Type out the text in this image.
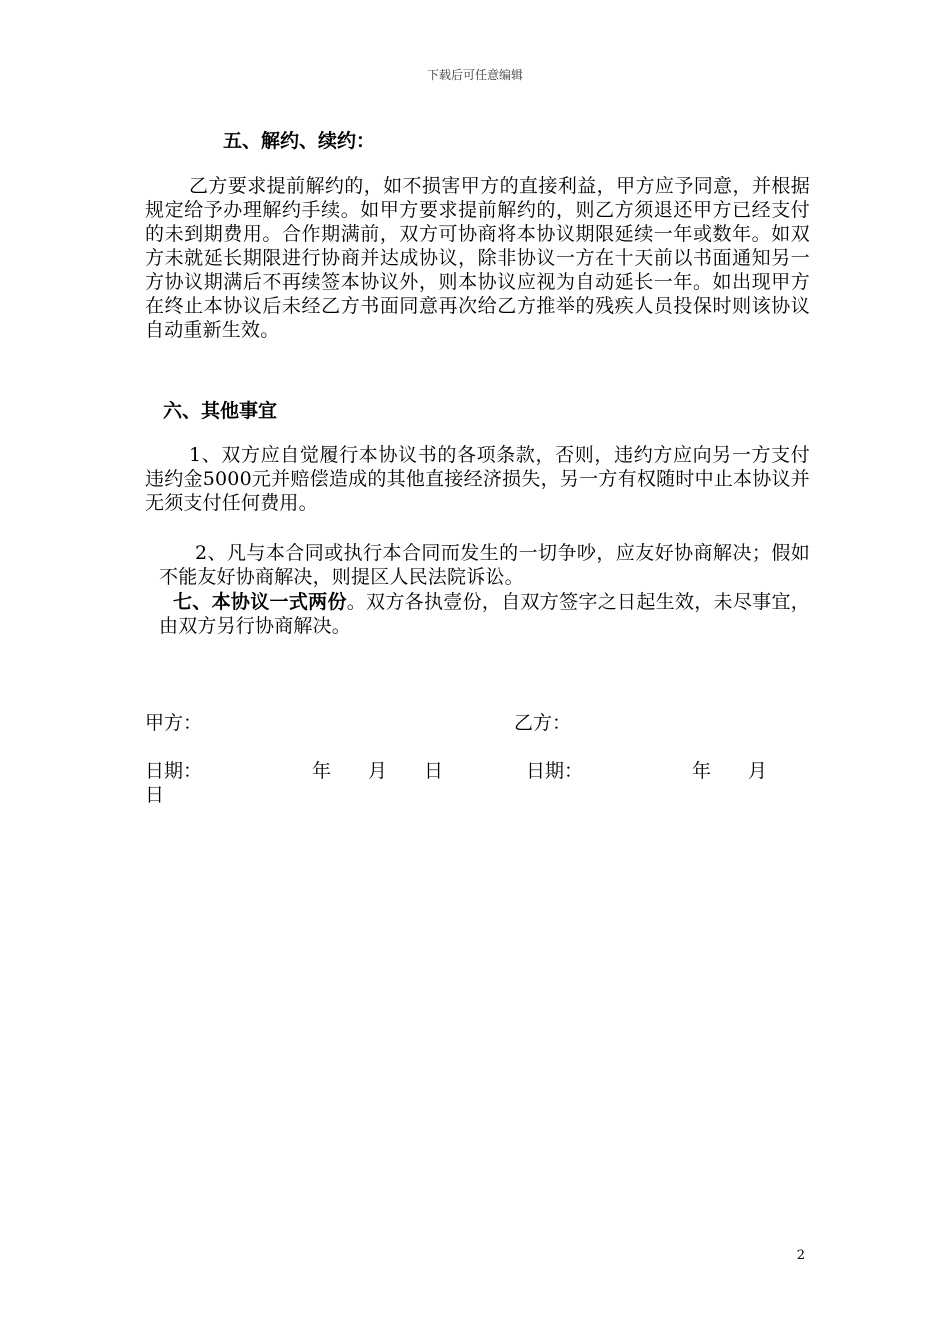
下载后可任意编辑
五、解约、续约：
乙方要求提前解约的，如不损害甲方的直接利益，甲方应予同意，并根据规定给予办理解约手续。如甲方要求提前解约的，则乙方须退还甲方已经支付的未到期费用。合作期满前，双方可协商将本协议期限延续一年或数年。如双方未就延长期限进行协商并达成协议，除非协议一方在十天前以书面通知另一方协议期满后不再续签本协议外，则本协议应视为自动延长一年。如出现甲方在终止本协议后未经乙方书面同意再次给乙方推举的残疾人员投保时则该协议自动重新生效。
六、其他事宜
1、双方应自觉履行本协议书的各项条款，否则，违约方应向另一方支付违约金5000元并赔偿造成的其他直接经济损失，另一方有权随时中止本协议并无须支付任何费用。
2、凡与本合同或执行本合同而发生的一切争吵，应友好协商解决；假如不能友好协商解决，则提区人民法院诉讼。
七、本协议一式两份。双方各执壹份，自双方签字之日起生效，未尽事宜，由双方另行协商解决。
甲方：	乙方：
日期：	年 月 日	日期：	年 月
日
2
